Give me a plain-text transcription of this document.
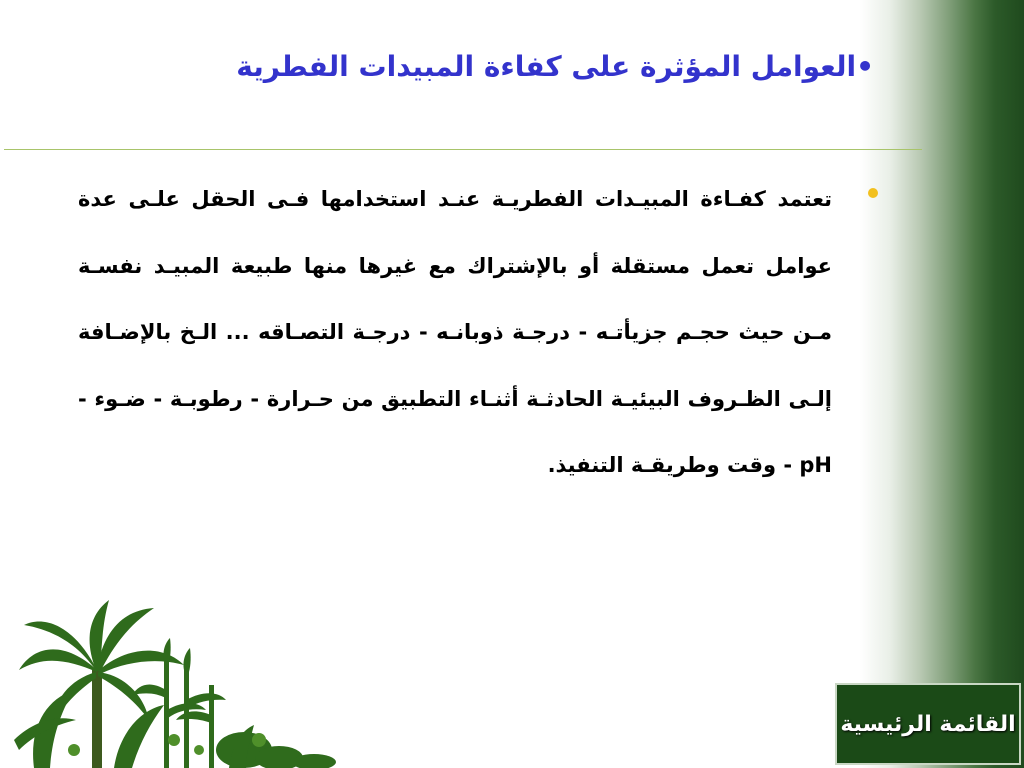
•العوامل المؤثرة على كفاءة المبيدات الفطرية
تعتمد كفـاءة المبيـدات الفطريـة عنـد استخدامها فـى الحقل علـى عدة عوامل تعمل مستقلة أو بالإشتراك مع غيرها منها طبيعة المبيـد نفسـة مـن حيث حجـم جزيأتـه - درجـة ذوبانـه - درجـة التصـاقه ... الـخ بالإضـافة إلـى الظـروف البيئيـة الحادثـة أثنـاء التطبيق من حـرارة - رطوبـة - ضـوء - pH - وقت وطريقـة التنفيذ.
القائمة الرئيسية
